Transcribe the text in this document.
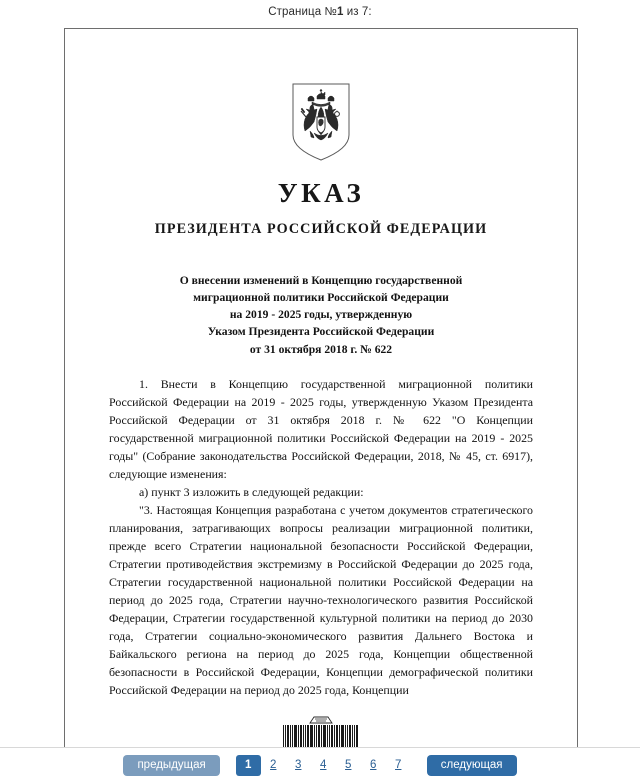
Страница №1 из 7:
УКАЗ
ПРЕЗИДЕНТА РОССИЙСКОЙ ФЕДЕРАЦИИ
О внесении изменений в Концепцию государственной
миграционной политики Российской Федерации
на 2019 - 2025 годы, утвержденную
Указом Президента Российской Федерации
от 31 октября 2018 г. № 622

1. Внести в Концепцию государственной миграционной политики Российской Федерации на 2019 - 2025 годы, утвержденную Указом Президента Российской Федерации от 31 октября 2018 г. № 622 "О Концепции государственной миграционной политики Российской Федерации на 2019 - 2025 годы" (Собрание законодательства Российской Федерации, 2018, № 45, ст. 6917), следующие изменения:

а) пункт 3 изложить в следующей редакции:

"3. Настоящая Концепция разработана с учетом документов стратегического планирования, затрагивающих вопросы реализации миграционной политики, прежде всего Стратегии национальной безопасности Российской Федерации, Стратегии противодействия экстремизму в Российской Федерации до 2025 года, Стратегии государственной национальной политики Российской Федерации на период до 2025 года, Стратегии научно-технологического развития Российской Федерации, Стратегии государственной культурной политики на период до 2030 года, Стратегии социально-экономического развития Дальнего Востока и Байкальского региона на период до 2025 года, Концепции общественной безопасности в Российской Федерации, Концепции демографической политики Российской Федерации на период до 2025 года, Концепции

предыдущая	1	2	3	4	5	6	7	следующая
